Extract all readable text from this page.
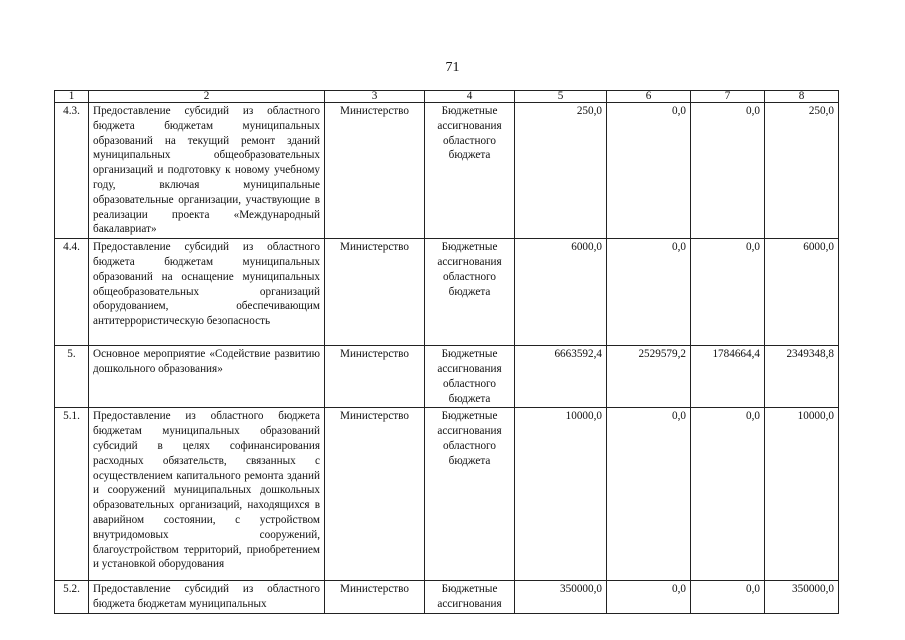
71
1	2	3	4	5	6	7	8
4.3.	Предоставление субсидий из областного бюджета бюджетам муниципальных образований на текущий ремонт зданий муниципальных общеобразовательных организаций и подготовку к новому учебному году, включая муниципальные образовательные организации, участвующие в реализации проекта «Международный бакалавриат»	Министерство	Бюджетные ассигнования областного бюджета	250,0	0,0	0,0	250,0
4.4.	Предоставление субсидий из областного бюджета бюджетам муниципальных образований на оснащение муниципальных общеобразовательных организаций оборудованием, обеспечивающим антитеррористическую безопасность	Министерство	Бюджетные ассигнования областного бюджета	6000,0	0,0	0,0	6000,0
5.	Основное мероприятие «Содействие развитию дошкольного образования»	Министерство	Бюджетные ассигнования областного бюджета	6663592,4	2529579,2	1784664,4	2349348,8
5.1.	Предоставление из областного бюджета бюджетам муниципальных образований субсидий в целях софинансирования расходных обязательств, связанных с осуществлением капитального ремонта зданий и сооружений муниципальных дошкольных образовательных организаций, находящихся в аварийном состоянии, с устройством внутридомовых сооружений, благоустройством территорий, приобретением и установкой оборудования	Министерство	Бюджетные ассигнования областного бюджета	10000,0	0,0	0,0	10000,0
5.2.	Предоставление субсидий из областного бюджета бюджетам муниципальных	Министерство	Бюджетные ассигнования	350000,0	0,0	0,0	350000,0
